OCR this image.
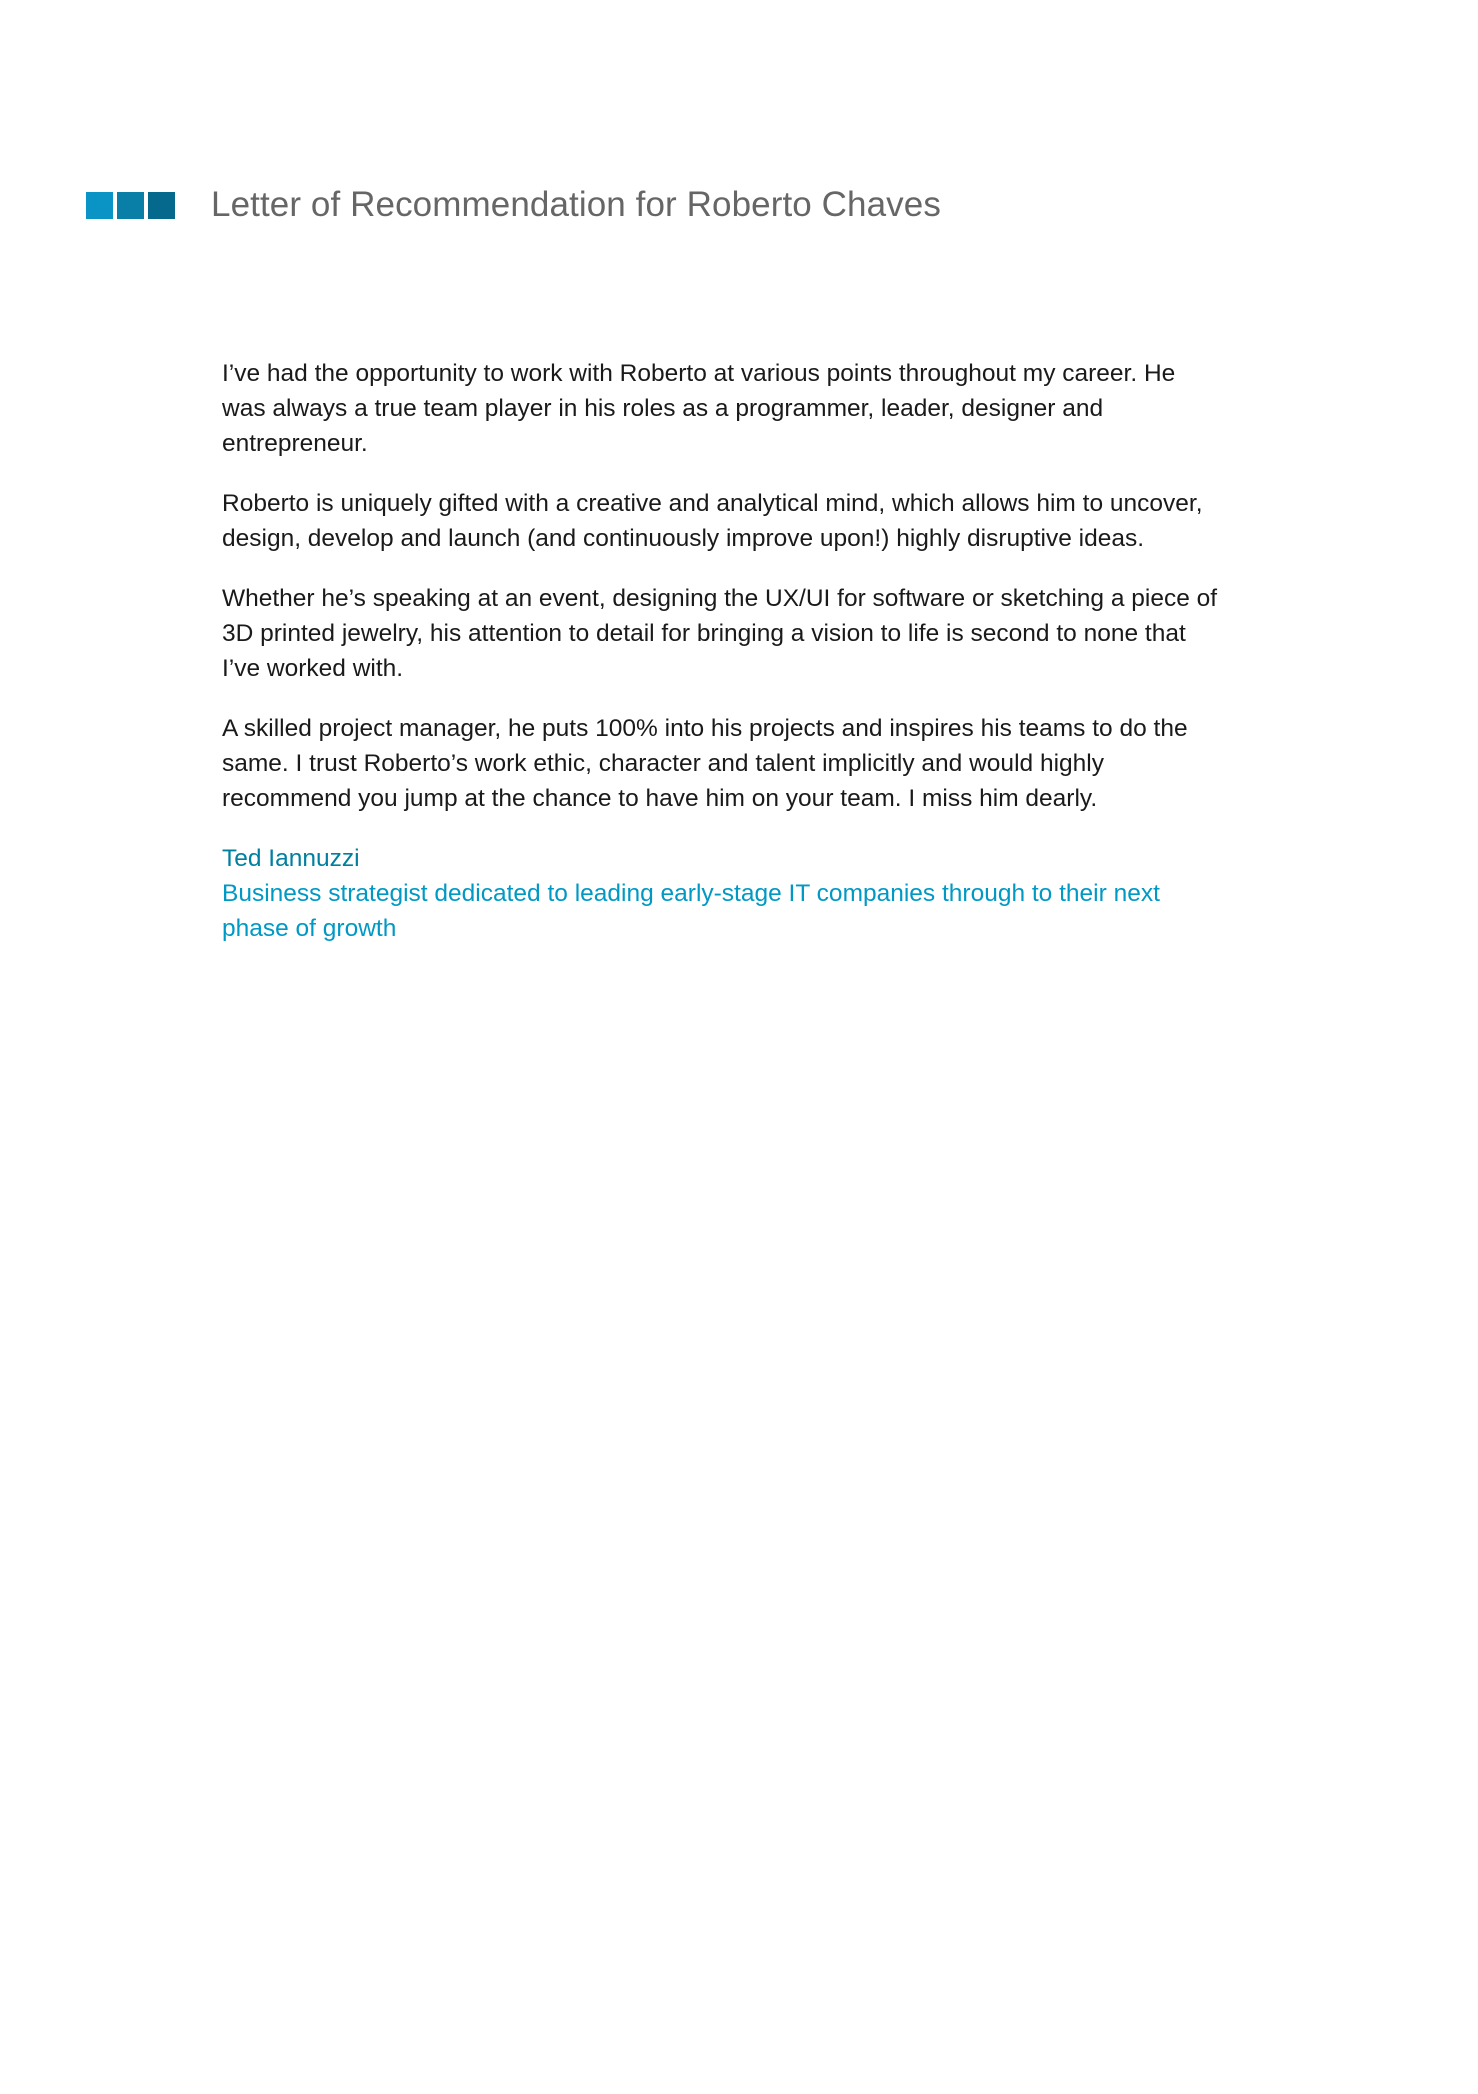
Letter of Recommendation for Roberto Chaves

I’ve had the opportunity to work with Roberto at various points throughout my career. He was always a true team player in his roles as a programmer, leader, designer and entrepreneur.

Roberto is uniquely gifted with a creative and analytical mind, which allows him to uncover, design, develop and launch (and continuously improve upon!) highly disruptive ideas.

Whether he’s speaking at an event, designing the UX/UI for software or sketching a piece of 3D printed jewelry, his attention to detail for bringing a vision to life is second to none that I’ve worked with.

A skilled project manager, he puts 100% into his projects and inspires his teams to do the same. I trust Roberto’s work ethic, character and talent implicitly and would highly recommend you jump at the chance to have him on your team. I miss him dearly.

Ted Iannuzzi
Business strategist dedicated to leading early-stage IT companies through to their next phase of growth
